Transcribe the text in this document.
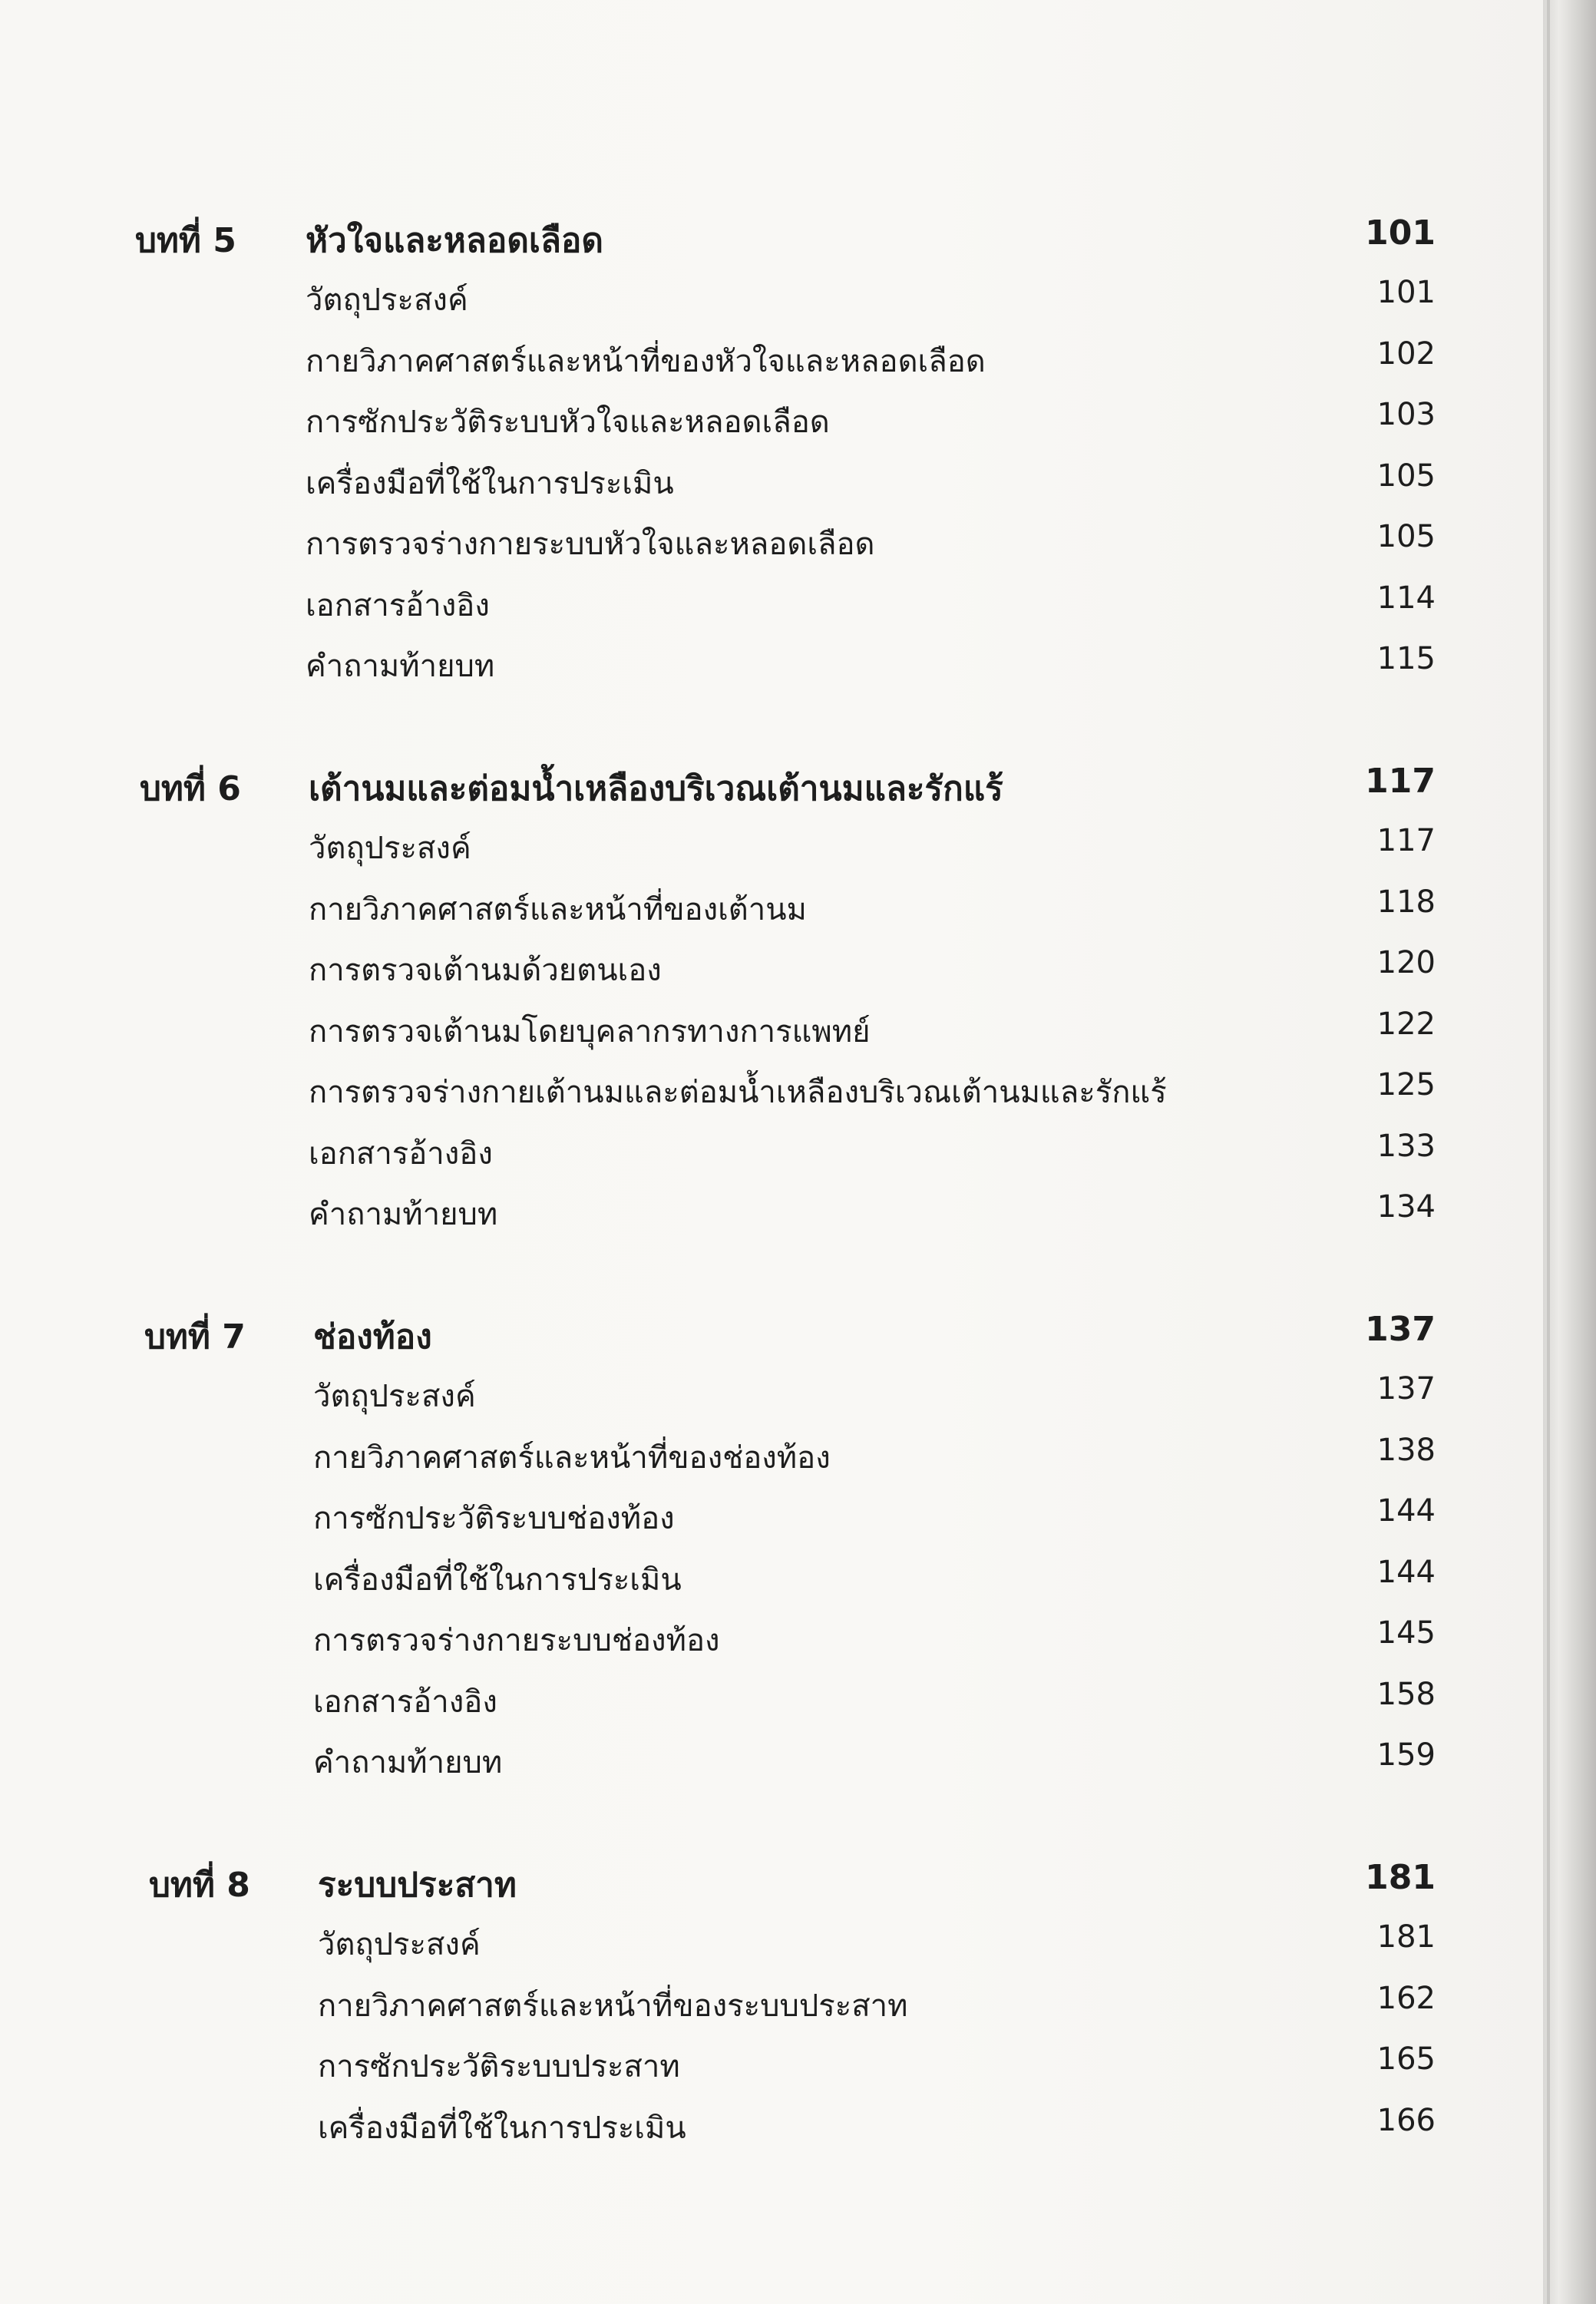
บทที่ 5 หัวใจและหลอดเลือด	101
วัตถุประสงค์	101
กายวิภาคศาสตร์และหน้าที่ของหัวใจและหลอดเลือด	102
การซักประวัติระบบหัวใจและหลอดเลือด	103
เครื่องมือที่ใช้ในการประเมิน	105
การตรวจร่างกายระบบหัวใจและหลอดเลือด	105
เอกสารอ้างอิง	114
คำถามท้ายบท	115
บทที่ 6 เต้านมและต่อมน้ำเหลืองบริเวณเต้านมและรักแร้	117
วัตถุประสงค์	117
กายวิภาคศาสตร์และหน้าที่ของเต้านม	118
การตรวจเต้านมด้วยตนเอง	120
การตรวจเต้านมโดยบุคลากรทางการแพทย์	122
การตรวจร่างกายเต้านมและต่อมน้ำเหลืองบริเวณเต้านมและรักแร้	125
เอกสารอ้างอิง	133
คำถามท้ายบท	134
บทที่ 7 ช่องท้อง	137
วัตถุประสงค์	137
กายวิภาคศาสตร์และหน้าที่ของช่องท้อง	138
การซักประวัติระบบช่องท้อง	144
เครื่องมือที่ใช้ในการประเมิน	144
การตรวจร่างกายระบบช่องท้อง	145
เอกสารอ้างอิง	158
คำถามท้ายบท	159
บทที่ 8 ระบบประสาท	181
วัตถุประสงค์	181
กายวิภาคศาสตร์และหน้าที่ของระบบประสาท	162
การซักประวัติระบบประสาท	165
เครื่องมือที่ใช้ในการประเมิน	166
